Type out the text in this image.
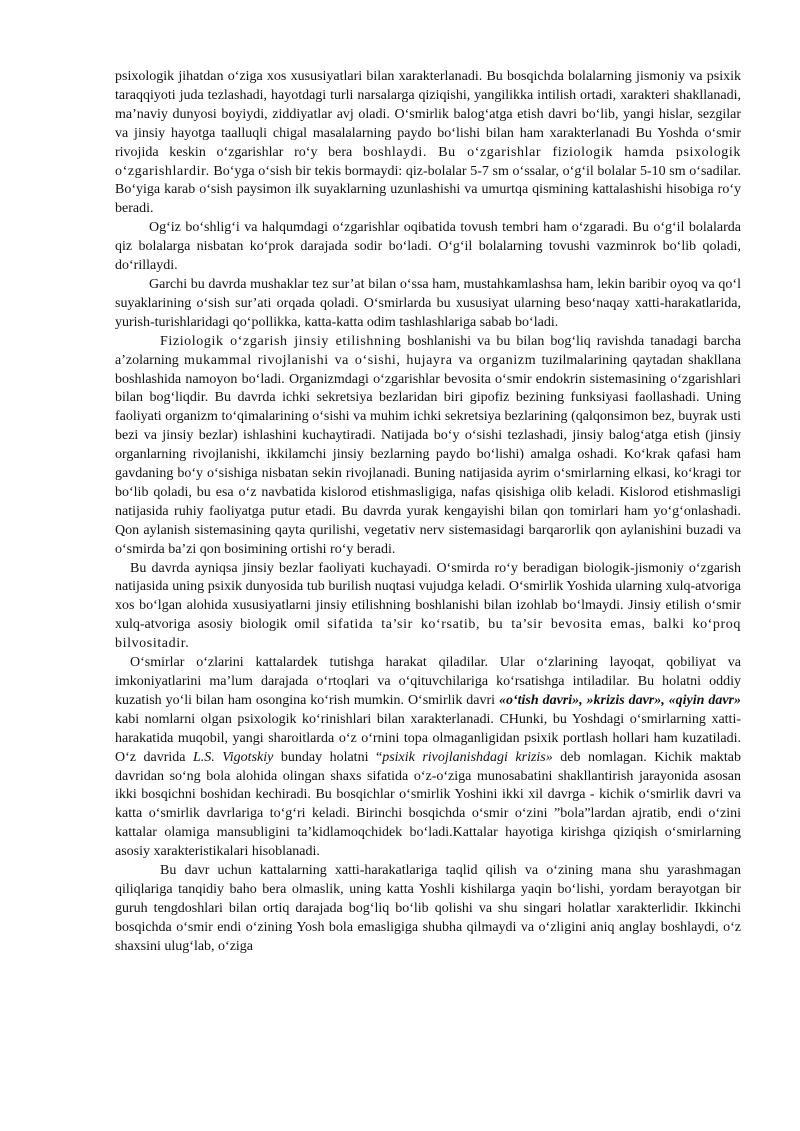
psixologik jihatdan o‘ziga xos xususiyatlari bilan xarakterlanadi. Bu bosqichda bolalarning jismoniy va psixik taraqqiyoti juda tezlashadi, hayotdagi turli narsalarga qiziqishi, yangilikka intilish ortadi, xarakteri shakllanadi, ma’naviy dunyosi boyiydi, ziddiyatlar avj oladi. O‘smirlik balog‘atga etish davri bo‘lib, yangi hislar, sezgilar va jinsiy hayotga taalluqli chigal masalalarning paydo bo‘lishi bilan ham xarakterlanadi Bu Yoshda o‘smir rivojida keskin o‘zgarishlar ro‘y bera boshlaydi. Bu o‘zgarishlar fiziologik hamda psixologik o‘zgarishlardir. Bo‘yga o‘sish bir tekis bormaydi: qiz-bolalar 5-7 sm o‘ssalar, o‘g‘il bolalar 5-10 sm o‘sadilar. Bo‘yiga karab o‘sish paysimon ilk suyaklarning uzunlashishi va umurtqa qismining kattalashishi hisobiga ro‘y beradi.

Og‘iz bo‘shlig‘i va halqumdagi o‘zgarishlar oqibatida tovush tembri ham o‘zgaradi. Bu o‘g‘il bolalarda qiz bolalarga nisbatan ko‘prok darajada sodir bo‘ladi. O‘g‘il bolalarning tovushi vazminrok bo‘lib qoladi, do‘rillaydi.

Garchi bu davrda mushaklar tez sur’at bilan o‘ssa ham, mustahkamlashsa ham, lekin baribir oyoq va qo‘l suyaklarining o‘sish sur’ati orqada qoladi. O‘smirlarda bu xususiyat ularning beso‘naqay xatti-harakatlarida, yurish-turishlaridagi qo‘pollikka, katta-katta odim tashlashlariga sabab bo‘ladi.

Fiziologik o‘zgarish jinsiy etilishning boshlanishi va bu bilan bog‘liq ravishda tanadagi barcha a’zolarning mukammal rivojlanishi va o‘sishi, hujayra va organizm tuzilmalarining qaytadan shakllana boshlashida namoyon bo‘ladi. Organizmdagi o‘zgarishlar bevosita o‘smir endokrin sistemasining o‘zgarishlari bilan bog‘liqdir. Bu davrda ichki sekretsiya bezlaridan biri gipofiz bezining funksiyasi faollashadi. Uning faoliyati organizm to‘qimalarining o‘sishi va muhim ichki sekretsiya bezlarining (qalqonsimon bez, buyrak usti bezi va jinsiy bezlar) ishlashini kuchaytiradi. Natijada bo‘y o‘sishi tezlashadi, jinsiy balog‘atga etish (jinsiy organlarning rivojlanishi, ikkilamchi jinsiy bezlarning paydo bo‘lishi) amalga oshadi. Ko‘krak qafasi ham gavdaning bo‘y o‘sishiga nisbatan sekin rivojlanadi. Buning natijasida ayrim o‘smirlarning elkasi, ko‘kragi tor bo‘lib qoladi, bu esa o‘z navbatida kislorod etishmasligiga, nafas qisishiga olib keladi. Kislorod etishmasligi natijasida ruhiy faoliyatga putur etadi. Bu davrda yurak kengayishi bilan qon tomirlari ham yo‘g‘onlashadi. Qon aylanish sistemasining qayta qurilishi, vegetativ nerv sistemasidagi barqarorlik qon aylanishini buzadi va o‘smirda ba’zi qon bosimining ortishi ro‘y beradi.

Bu davrda ayniqsa jinsiy bezlar faoliyati kuchayadi. O‘smirda ro‘y beradigan biologik-jismoniy o‘zgarish natijasida uning psixik dunyosida tub burilish nuqtasi vujudga keladi. O‘smirlik Yoshida ularning xulq-atvoriga xos bo‘lgan alohida xususiyatlarni jinsiy etilishning boshlanishi bilan izohlab bo‘lmaydi. Jinsiy etilish o‘smir xulq-atvoriga asosiy biologik omil sifatida ta’sir ko‘rsatib, bu ta’sir bevosita emas, balki ko‘proq bilvositadir.

O‘smirlar o‘zlarini kattalardek tutishga harakat qiladilar. Ular o‘zlarining layoqat, qobiliyat va imkoniyatlarini ma’lum darajada o‘rtoqlari va o‘qituvchilariga ko‘rsatishga intiladilar. Bu holatni oddiy kuzatish yo‘li bilan ham osongina ko‘rish mumkin. O‘smirlik davri «o‘tish davri», »krizis davr», «qiyin davr» kabi nomlarni olgan psixologik ko‘rinishlari bilan xarakterlanadi. CHunki, bu Yoshdagi o‘smirlarning xatti-harakatida muqobil, yangi sharoitlarda o‘z o‘rnini topa olmaganligidan psixik portlash hollari ham kuzatiladi. O‘z davrida L.S. Vigotskiy bunday holatni “psixik rivojlanishdagi krizis» deb nomlagan. Kichik maktab davridan so‘ng bola alohida olingan shaxs sifatida o‘z-o‘ziga munosabatini shakllantirish jarayonida asosan ikki bosqichni boshidan kechiradi. Bu bosqichlar o‘smirlik Yoshini ikki xil davrga - kichik o‘smirlik davri va katta o‘smirlik davrlariga to‘g‘ri keladi. Birinchi bosqichda o‘smir o‘zini ”bola”lardan ajratib, endi o‘zini kattalar olamiga mansubligini ta’kidlamoqchidek bo‘ladi.Kattalar hayotiga kirishga qiziqish o‘smirlarning asosiy xarakteristikalari hisoblanadi.

Bu davr uchun kattalarning xatti-harakatlariga taqlid qilish va o‘zining mana shu yarashmagan qiliqlariga tanqidiy baho bera olmaslik, uning katta Yoshli kishilarga yaqin bo‘lishi, yordam berayotgan bir guruh tengdoshlari bilan ortiq darajada bog‘liq bo‘lib qolishi va shu singari holatlar xarakterlidir. Ikkinchi bosqichda o‘smir endi o‘zining Yosh bola emasligiga shubha qilmaydi va o‘zligini aniq anglay boshlaydi, o‘z shaxsini ulug‘lab, o‘ziga
